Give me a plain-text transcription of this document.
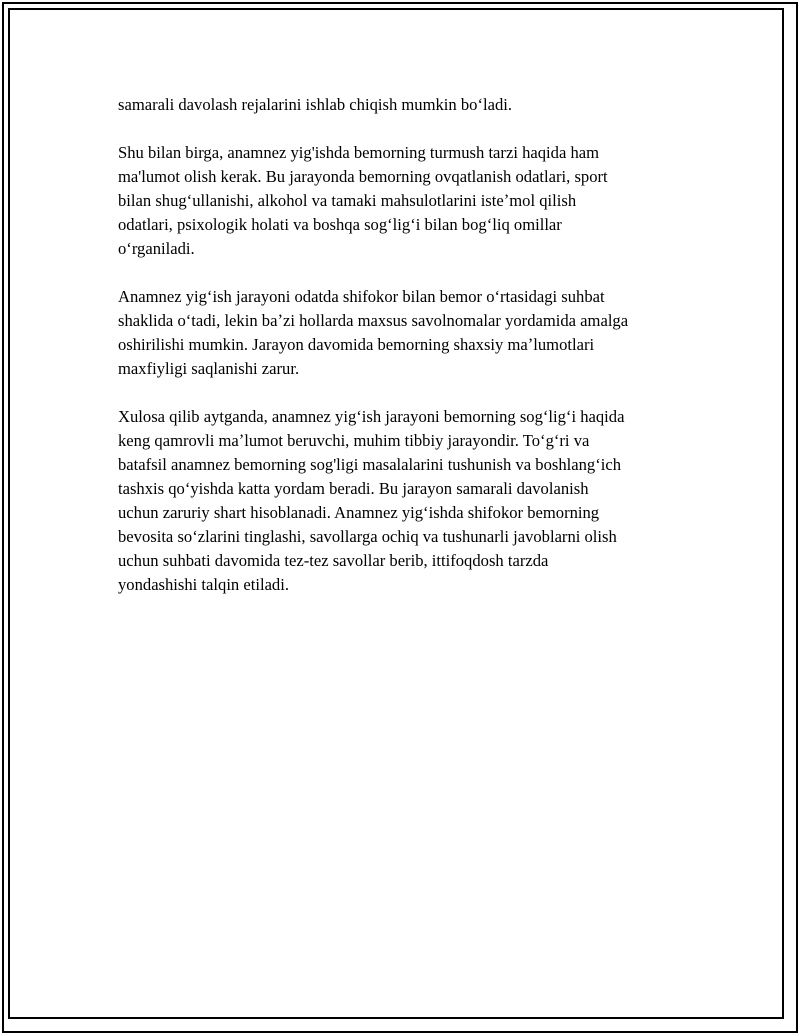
samarali davolash rejalarini ishlab chiqish mumkin boʻladi.

Shu bilan birga, anamnez yig'ishda bemorning turmush tarzi haqida ham
ma'lumot olish kerak. Bu jarayonda bemorning ovqatlanish odatlari, sport
bilan shugʻullanishi, alkohol va tamaki mahsulotlarini isteʼmol qilish
odatlari, psixologik holati va boshqa sogʻligʻi bilan bogʻliq omillar
oʻrganiladi.

Anamnez yigʻish jarayoni odatda shifokor bilan bemor oʻrtasidagi suhbat
shaklida oʻtadi, lekin baʼzi hollarda maxsus savolnomalar yordamida amalga
oshirilishi mumkin. Jarayon davomida bemorning shaxsiy maʼlumotlari
maxfiyligi saqlanishi zarur.

Xulosa qilib aytganda, anamnez yigʻish jarayoni bemorning sogʻligʻi haqida
keng qamrovli maʼlumot beruvchi, muhim tibbiy jarayondir. Toʻgʻri va
batafsil anamnez bemorning sog'ligi masalalarini tushunish va boshlangʻich
tashxis qoʻyishda katta yordam beradi. Bu jarayon samarali davolanish
uchun zaruriy shart hisoblanadi. Anamnez yigʻishda shifokor bemorning
bevosita soʻzlarini tinglashi, savollarga ochiq va tushunarli javoblarni olish
uchun suhbati davomida tez-tez savollar berib, ittifoqdosh tarzda
yondashishi talqin etiladi.
